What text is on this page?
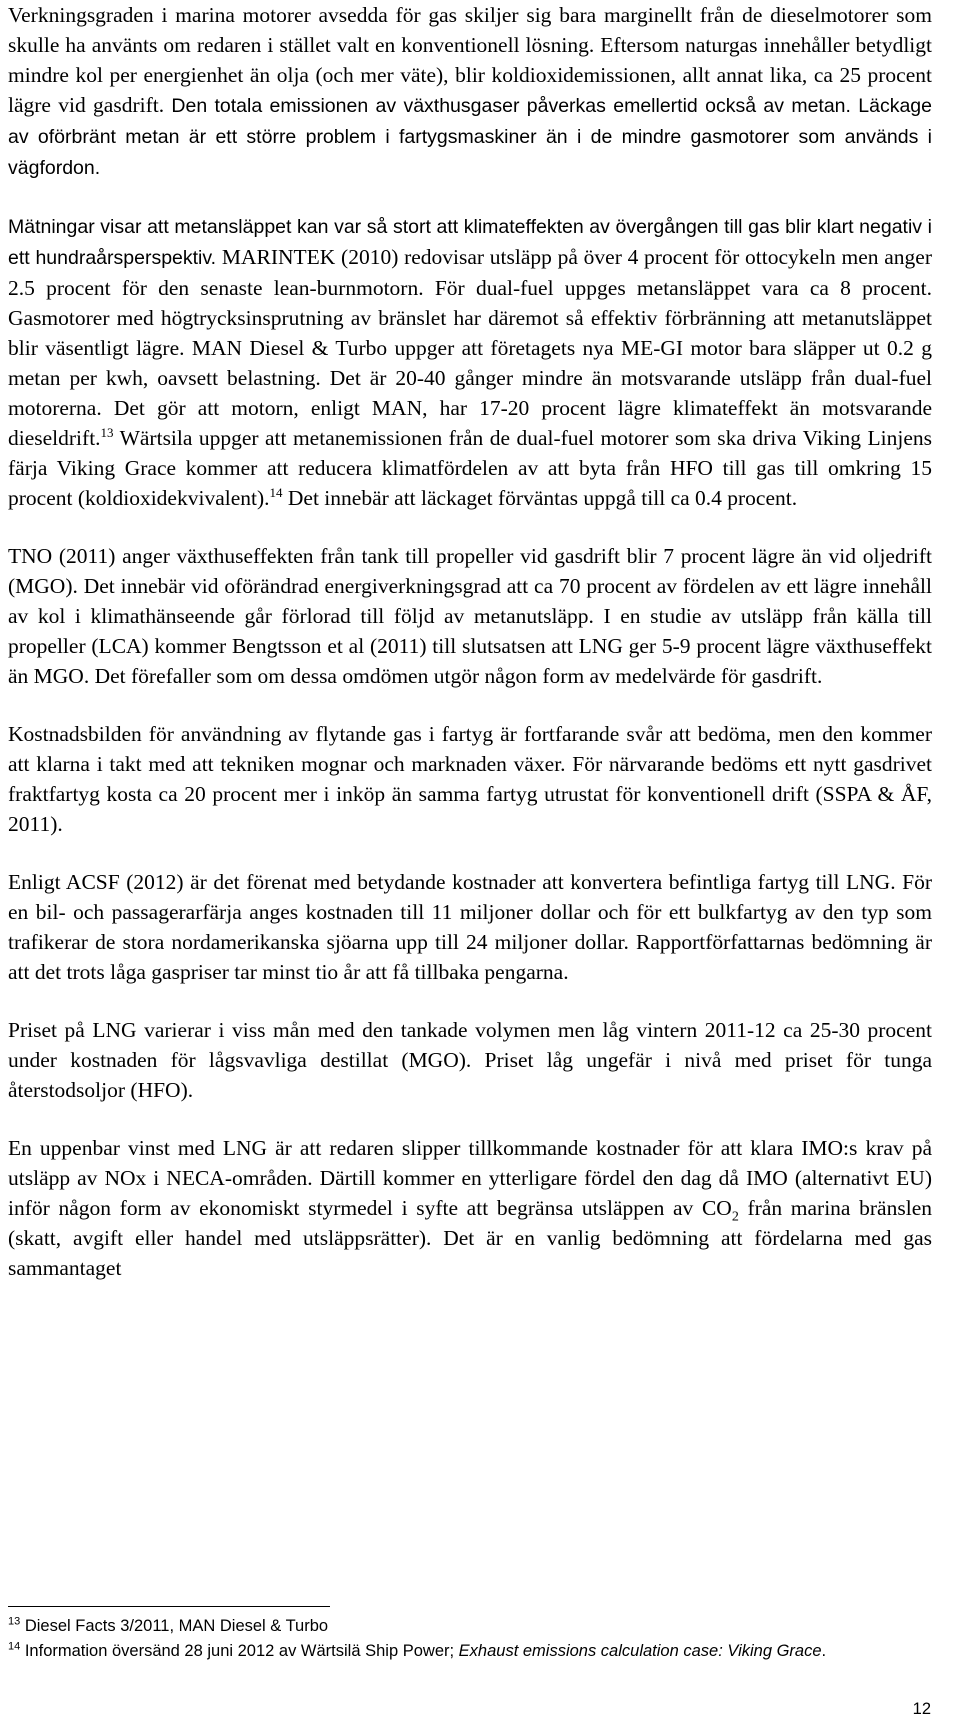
Verkningsgraden i marina motorer avsedda för gas skiljer sig bara marginellt från de dieselmotorer som skulle ha använts om redaren i stället valt en konventionell lösning. Eftersom naturgas innehåller betydligt mindre kol per energienhet än olja (och mer väte), blir koldioxidemissionen, allt annat lika, ca 25 procent lägre vid gasdrift. Den totala emissionen av växthusgaser påverkas emellertid också av metan. Läckage av oförbränt metan är ett större problem i fartygsmaskiner än i de mindre gasmotorer som används i vägfordon.

Mätningar visar att metansläppet kan var så stort att klimateffekten av övergången till gas blir klart negativ i ett hundraårsperspektiv. MARINTEK (2010) redovisar utsläpp på över 4 procent för ottocykeln men anger 2.5 procent för den senaste lean-burnmotorn. För dual-fuel uppges metansläppet vara ca 8 procent. Gasmotorer med högtrycksinsprutning av bränslet har däremot så effektiv förbränning att metanutsläppet blir väsentligt lägre. MAN Diesel & Turbo uppger att företagets nya ME-GI motor bara släpper ut 0.2 g metan per kwh, oavsett belastning. Det är 20-40 gånger mindre än motsvarande utsläpp från dual-fuel motorerna. Det gör att motorn, enligt MAN, har 17-20 procent lägre klimateffekt än motsvarande dieseldrift.$^{13}$ Wärtsila uppger att metanemissionen från de dual-fuel motorer som ska driva Viking Linjens färja Viking Grace kommer att reducera klimatfördelen av att byta från HFO till gas till omkring 15 procent (koldioxidekvivalent).$^{14}$ Det innebär att läckaget förväntas uppgå till ca 0.4 procent.

TNO (2011) anger växthuseffekten från tank till propeller vid gasdrift blir 7 procent lägre än vid oljedrift (MGO). Det innebär vid oförändrad energiverkningsgrad att ca 70 procent av fördelen av ett lägre innehåll av kol i klimathänseende går förlorad till följd av metanutsläpp. I en studie av utsläpp från källa till propeller (LCA) kommer Bengtsson et al (2011) till slutsatsen att LNG ger 5-9 procent lägre växthuseffekt än MGO. Det förefaller som om dessa omdömen utgör någon form av medelvärde för gasdrift.

Kostnadsbilden för användning av flytande gas i fartyg är fortfarande svår att bedöma, men den kommer att klarna i takt med att tekniken mognar och marknaden växer. För närvarande bedöms ett nytt gasdrivet fraktfartyg kosta ca 20 procent mer i inköp än samma fartyg utrustat för konventionell drift (SSPA & ÅF, 2011).

Enligt ACSF (2012) är det förenat med betydande kostnader att konvertera befintliga fartyg till LNG. För en bil- och passagerarfärja anges kostnaden till 11 miljoner dollar och för ett bulkfartyg av den typ som trafikerar de stora nordamerikanska sjöarna upp till 24 miljoner dollar. Rapportförfattarnas bedömning är att det trots låga gaspriser tar minst tio år att få tillbaka pengarna.

Priset på LNG varierar i viss mån med den tankade volymen men låg vintern 2011-12 ca 25-30 procent under kostnaden för lågsvavliga destillat (MGO). Priset låg ungefär i nivå med priset för tunga återstodsoljor (HFO).

En uppenbar vinst med LNG är att redaren slipper tillkommande kostnader för att klara IMO:s krav på utsläpp av NOx i NECA-områden. Därtill kommer en ytterligare fördel den dag då IMO (alternativt EU) inför någon form av ekonomiskt styrmedel i syfte att begränsa utsläppen av $CO_2$ från marina bränslen (skatt, avgift eller handel med utsläppsrätter). Det är en vanlig bedömning att fördelarna med gas sammantaget

$^{13}$ Diesel Facts 3/2011, MAN Diesel & Turbo

$^{14}$ Information översänd 28 juni 2012 av Wärtsilä Ship Power; Exhaust emissions calculation case: Viking Grace.

12
